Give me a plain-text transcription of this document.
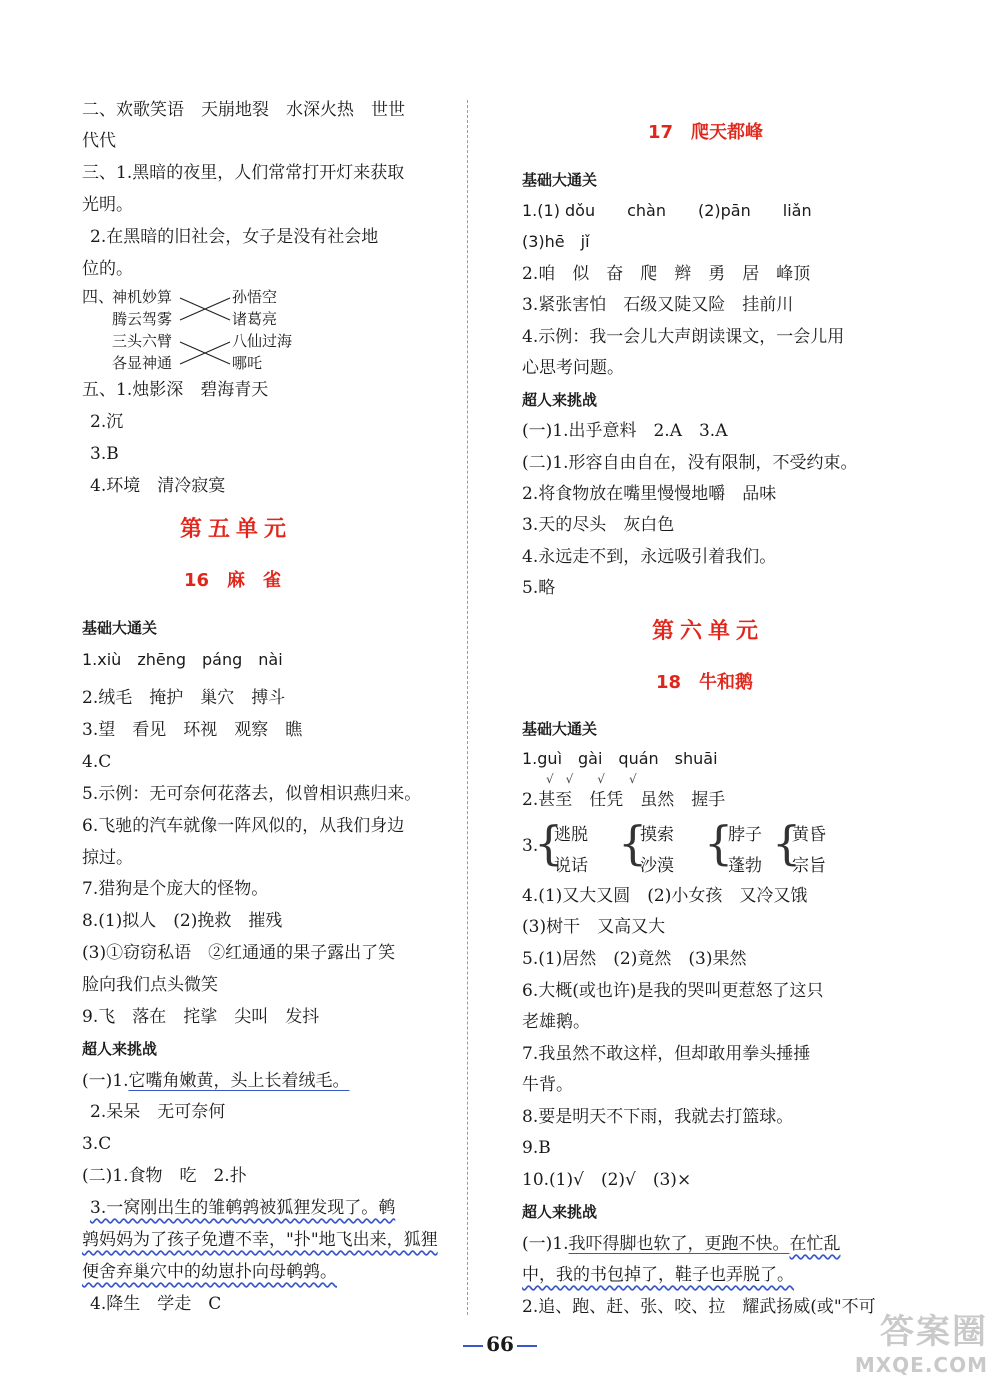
二、欢歌笑语　天崩地裂　水深火热　世世
代代
三、1.黑暗的夜里，人们常常打开灯来获取
光明。
2.在黑暗的旧社会，女子是没有社会地
位的。
四、
神机妙算
腾云驾雾
三头六臂
各显神通
孙悟空
诸葛亮
八仙过海
哪吒
五、1.烛影深　碧海青天
2.沉
3.B
4.环境　清冷寂寞
第五单元
16　麻　雀
基础大通关
1.xiù　zhēng　páng　nài
2.绒毛　掩护　巢穴　搏斗
3.望　看见　环视　观察　瞧
4.C
5.示例：无可奈何花落去，似曾相识燕归来。
6.飞驰的汽车就像一阵风似的，从我们身边
掠过。
7.猎狗是个庞大的怪物。
8.(1)拟人　(2)挽救　摧残
(3)①窃窃私语　②红通通的果子露出了笑
脸向我们点头微笑
9.飞　落在　挓挲　尖叫　发抖
超人来挑战
(一)1.它嘴角嫩黄，头上长着绒毛。
2.呆呆　无可奈何
3.C
(二)1.食物　吃　2.扑
3.一窝刚出生的雏鹌鹑被狐狸发现了。鹌
鹑妈妈为了孩子免遭不幸，"扑"地飞出来，狐狸
便舍弃巢穴中的幼崽扑向母鹌鹑。
4.降生　学走　C
17　爬天都峰
基础大通关
1.(1) dǒu　　chàn　　(2)pān　　liǎn
(3)hē　jǐ
2.咱　似　奋　爬　辫　勇　居　峰顶
3.紧张害怕　石级又陡又险　挂前川
4.示例：我一会儿大声朗读课文，一会儿用
心思考问题。
超人来挑战
(一)1.出乎意料　2.A　3.A
(二)1.形容自由自在，没有限制，不受约束。
2.将食物放在嘴里慢慢地嚼　品味
3.天的尽头　灰白色
4.永远走不到，永远吸引着我们。
5.略
第六单元
18　牛和鹅
基础大通关
1.guì　gài　quán　shuāi
√　√　　√　　√
2.甚至　任凭　虽然　握手
3.
{
逃脱
说话 {
摸索
沙漠 {
脖子
蓬勃 {
黄昏
宗旨
4.(1)又大又圆　(2)小女孩　又冷又饿
(3)树干　又高又大
5.(1)居然　(2)竟然　(3)果然
6.大概(或也许)是我的哭叫更惹怒了这只
老雄鹅。
7.我虽然不敢这样，但却敢用拳头捶捶
牛背。
8.要是明天不下雨，我就去打篮球。
9.B
10.(1)√　(2)√　(3)×
超人来挑战
(一)1.我吓得脚也软了，更跑不快。在忙乱
中，我的书包掉了，鞋子也弄脱了。
2.追、跑、赶、张、咬、拉　耀武扬威(或"不可
66	答案圈
MXQE.COM
